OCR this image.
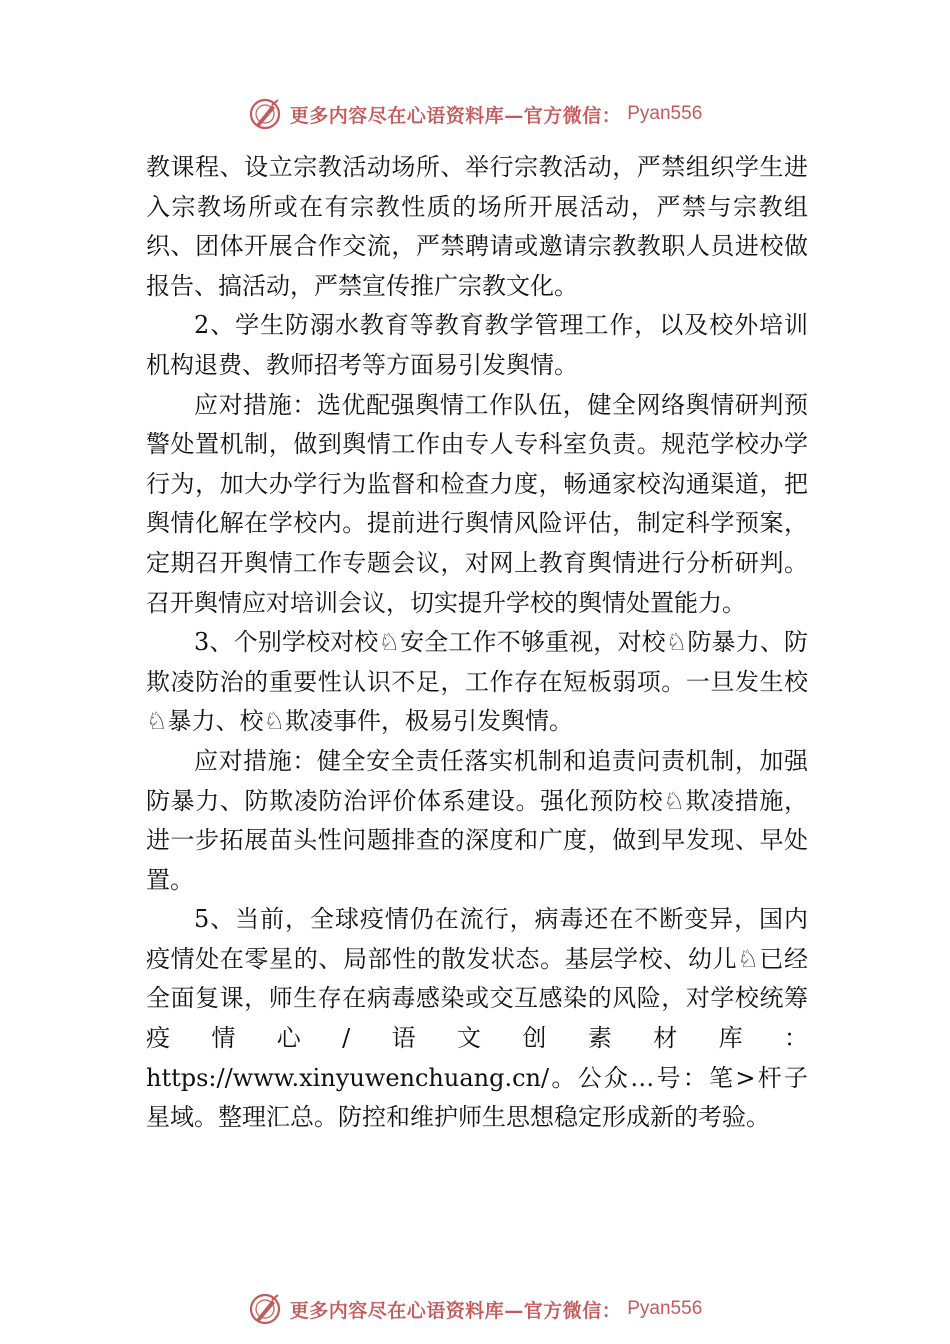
更多内容尽在心语资料库—官方微信： Pyan556

教课程、设立宗教活动场所、举行宗教活动，严禁组织学生进入宗教场所或在有宗教性质的场所开展活动，严禁与宗教组织、团体开展合作交流，严禁聘请或邀请宗教教职人员进校做报告、搞活动，严禁宣传推广宗教文化。

2、学生防溺水教育等教育教学管理工作，以及校外培训机构退费、教师招考等方面易引发舆情。

应对措施：选优配强舆情工作队伍，健全网络舆情研判预警处置机制，做到舆情工作由专人专科室负责。规范学校办学行为，加大办学行为监督和检查力度，畅通家校沟通渠道，把舆情化解在学校内。提前进行舆情风险评估，制定科学预案，定期召开舆情工作专题会议，对网上教育舆情进行分析研判。召开舆情应对培训会议，切实提升学校的舆情处置能力。

3、个别学校对校♘安全工作不够重视，对校♘防暴力、防欺凌防治的重要性认识不足，工作存在短板弱项。一旦发生校♘暴力、校♘欺凌事件，极易引发舆情。

应对措施：健全安全责任落实机制和追责问责机制，加强防暴力、防欺凌防治评价体系建设。强化预防校♘欺凌措施，进一步拓展苗头性问题排查的深度和广度，做到早发现、早处置。

5、当前，全球疫情仍在流行，病毒还在不断变异，国内疫情处在零星的、局部性的散发状态。基层学校、幼儿♘已经全面复课，师生存在病毒感染或交互感染的风险，对学校统筹疫情心/语文创素材库：https://www.xinyuwenchuang.cn/。公众…号：笔>杆子星域。整理汇总。防控和维护师生思想稳定形成新的考验。

更多内容尽在心语资料库—官方微信： Pyan556
